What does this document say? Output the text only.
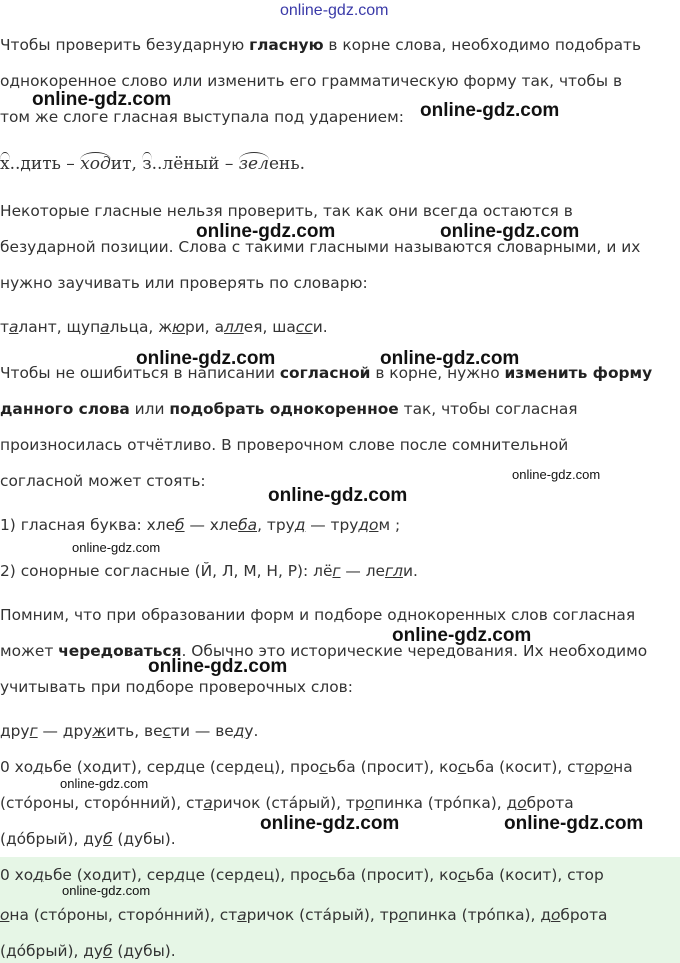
online-gdz.com
Чтобы проверить безударную гласную в корне слова, необходимо подобрать
однокоренное слово или изменить его грамматическую форму так, чтобы в
том же слоге гласная выступала под ударением:
х..дить – ходит, з..лёный – зелень.
Некоторые гласные нельзя проверить, так как они всегда остаются в
безударной позиции. Слова с такими гласными называются словарными, и их
нужно заучивать или проверять по словарю:
талант, щупальца, жюри, аллея, шасси.
Чтобы не ошибиться в написании согласной в корне, нужно изменить форму
данного слова или подобрать однокоренное так, чтобы согласная
произносилась отчётливо. В проверочном слове после сомнительной
согласной может стоять:
1) гласная буква: хлеб — хлеба, труд — трудом ;
2) сонорные согласные (Й, Л, М, Н, Р): лёг — легли.
Помним, что при образовании форм и подборе однокоренных слов согласная
может чередоваться. Обычно это исторические чередования. Их необходимо
учитывать при подборе проверочных слов:
друг — дружить, вести — веду.
0 ходьбе (ходит), сердце (сердец), просьба (просит), косьба (косит), сторона
(стóроны, сторóнний), старичок (стáрый), тропинка (трóпка), доброта
(дóбрый), дуб (дубы).
0 ходьбе (ходит), сердце (сердец), просьба (просит), косьба (косит), стор
она (стóроны, сторóнний), старичок (стáрый), тропинка (трóпка), доброта
(дóбрый), дуб (дубы).
online-gdz.com
online-gdz.com
online-gdz.com	online-gdz.com
online-gdz.com	online-gdz.com
online-gdz.com
online-gdz.com
online-gdz.com
online-gdz.com
online-gdz.com
online-gdz.com
online-gdz.com	online-gdz.com
online-gdz.com
